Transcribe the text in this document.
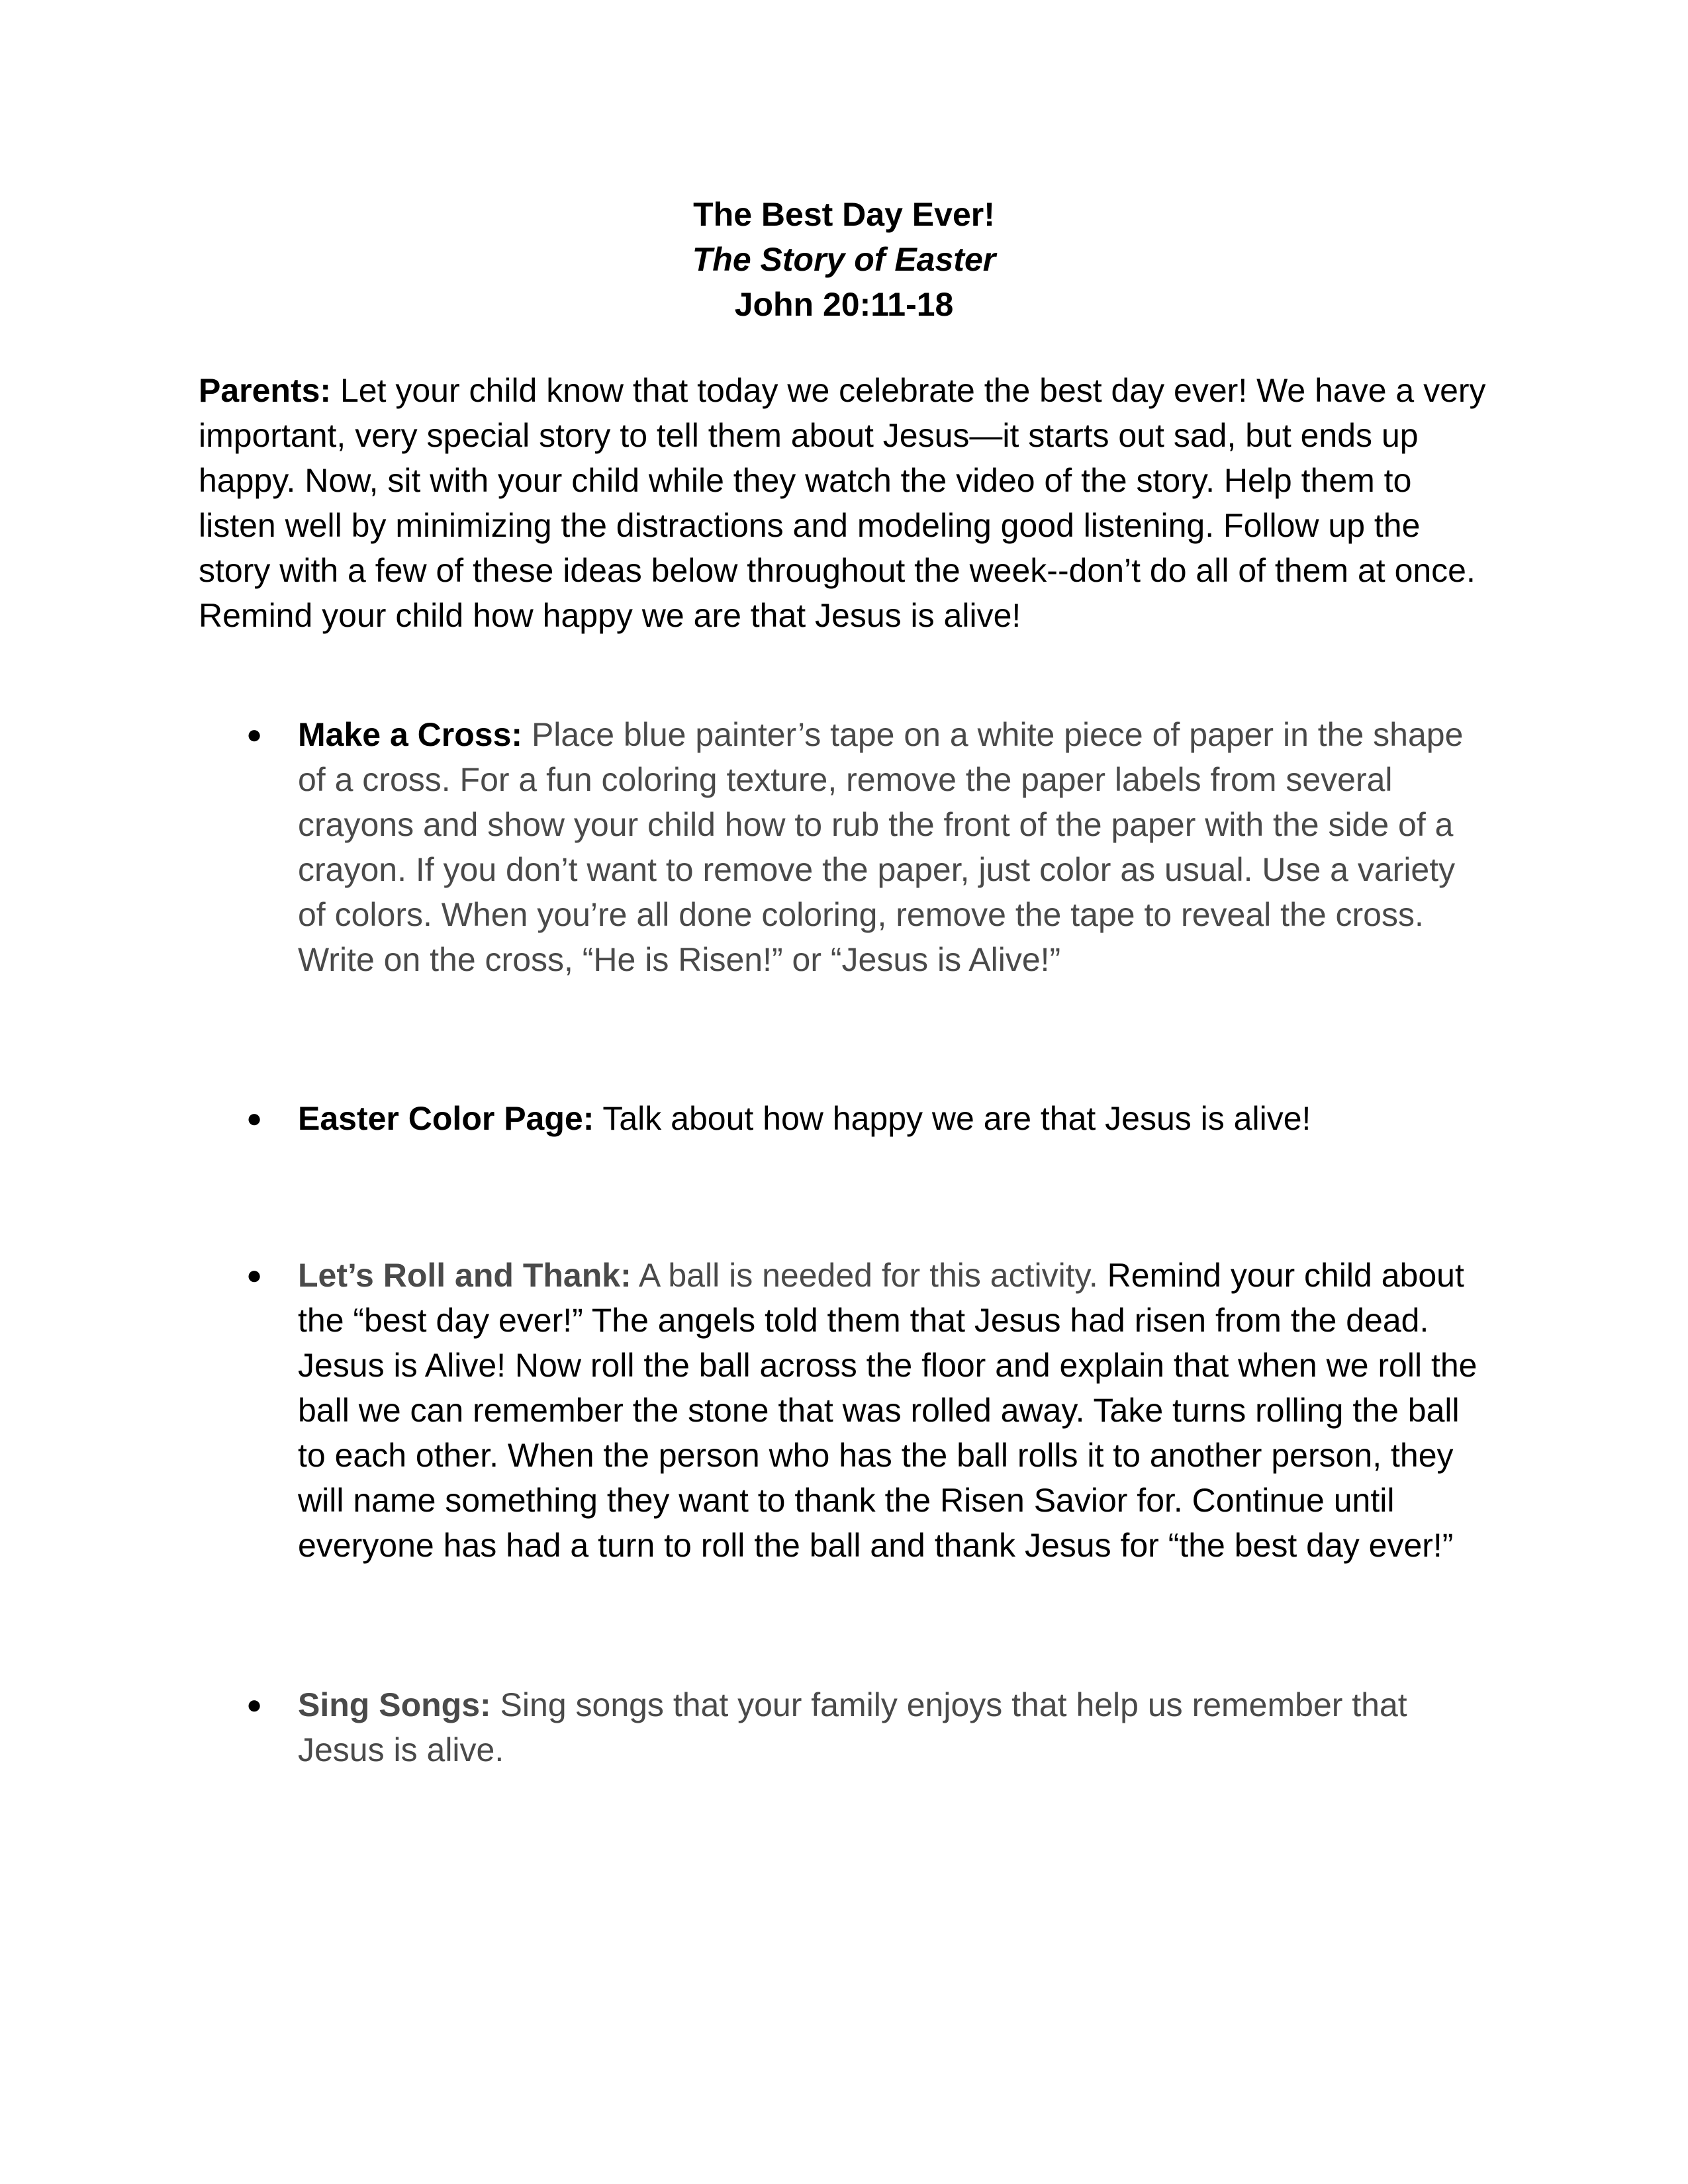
The Best Day Ever!
The Story of Easter
John 20:11-18
Parents: Let your child know that today we celebrate the best day ever! We have a very important, very special story to tell them about Jesus—it starts out sad, but ends up happy. Now, sit with your child while they watch the video of the story. Help them to listen well by minimizing the distractions and modeling good listening. Follow up the story with a few of these ideas below throughout the week--don’t do all of them at once. Remind your child how happy we are that Jesus is alive!
● Make a Cross: Place blue painter’s tape on a white piece of paper in the shape of a cross. For a fun coloring texture, remove the paper labels from several crayons and show your child how to rub the front of the paper with the side of a crayon. If you don’t want to remove the paper, just color as usual. Use a variety of colors. When you’re all done coloring, remove the tape to reveal the cross. Write on the cross, “He is Risen!” or “Jesus is Alive!”
● Easter Color Page: Talk about how happy we are that Jesus is alive!
● Let’s Roll and Thank: A ball is needed for this activity. Remind your child about the “best day ever!” The angels told them that Jesus had risen from the dead. Jesus is Alive! Now roll the ball across the floor and explain that when we roll the ball we can remember the stone that was rolled away. Take turns rolling the ball to each other. When the person who has the ball rolls it to another person, they will name something they want to thank the Risen Savior for. Continue until everyone has had a turn to roll the ball and thank Jesus for “the best day ever!”
● Sing Songs: Sing songs that your family enjoys that help us remember that Jesus is alive.
